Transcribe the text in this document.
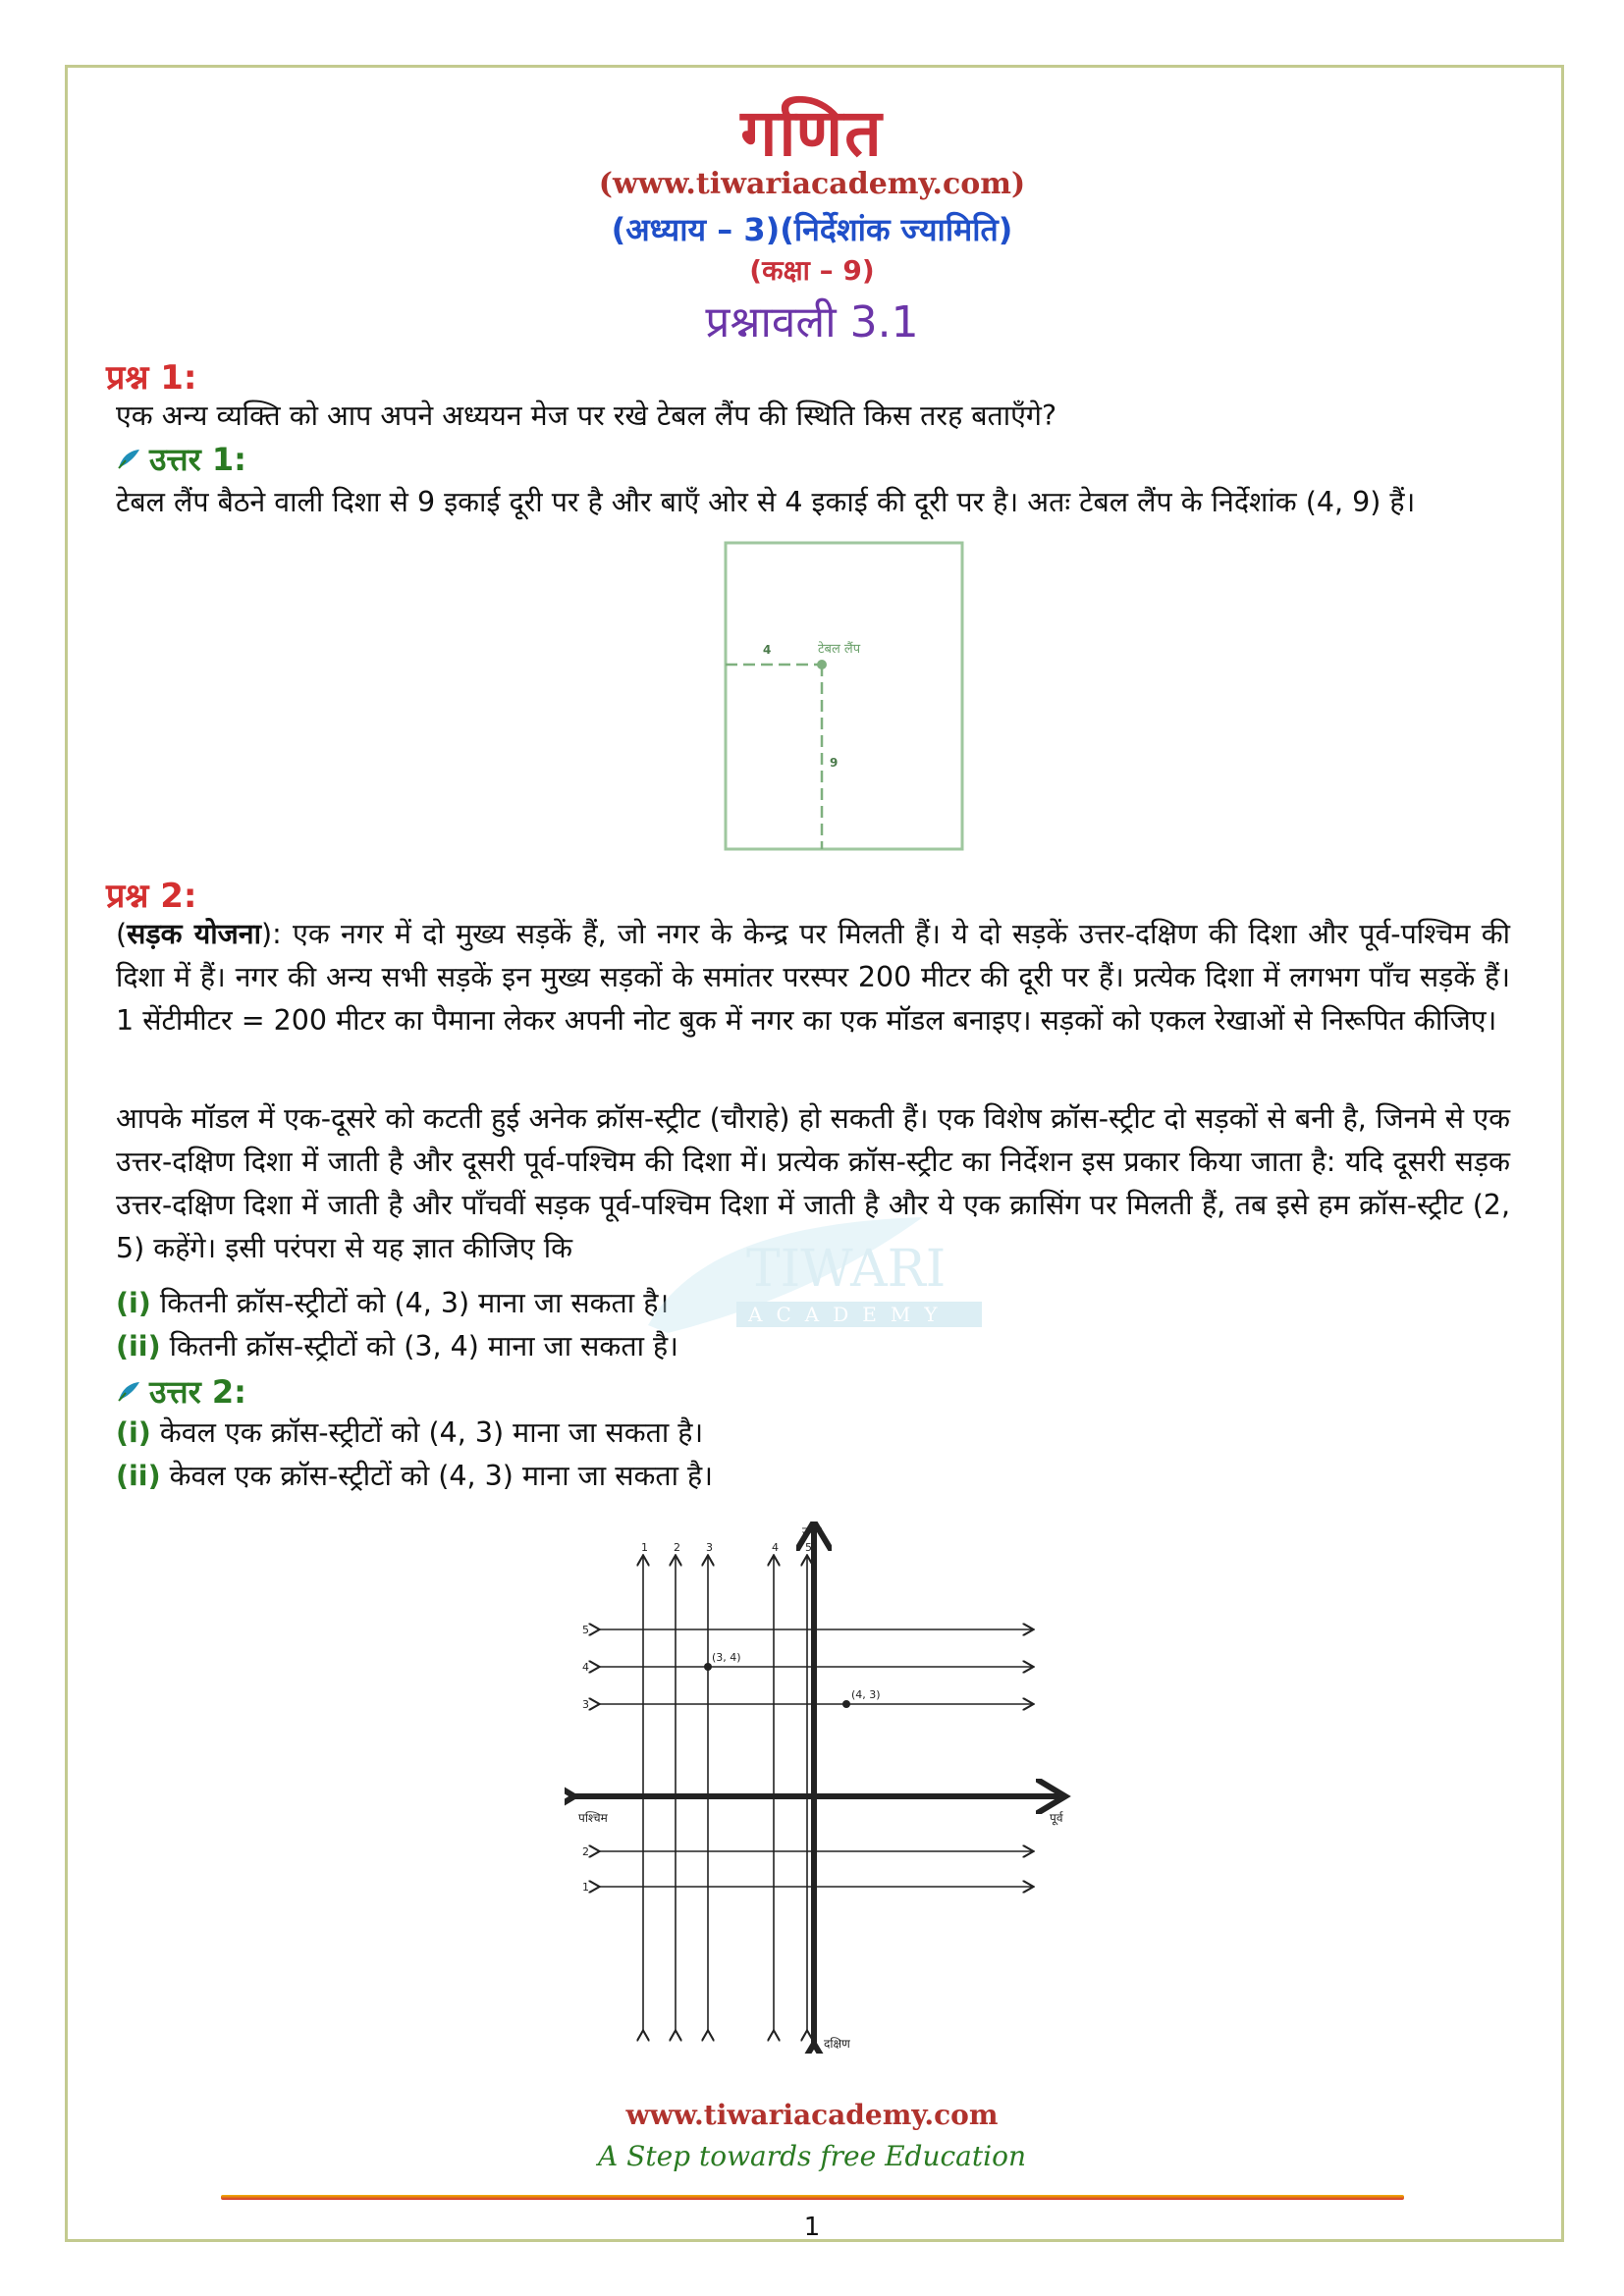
गणित
(www.tiwariacademy.com)
(अध्याय – 3)(निर्देशांक ज्यामिति)
(कक्षा – 9)
प्रश्नावली 3.1
प्रश्न 1:
एक अन्य व्यक्ति को आप अपने अध्ययन मेज पर रखे टेबल लैंप की स्थिति किस तरह बताएँगे?
उत्तर 1:
टेबल लैंप बैठने वाली दिशा से 9 इकाई दूरी पर है और बाएँ ओर से 4 इकाई की दूरी पर है। अतः टेबल लैंप के निर्देशांक (4, 9) हैं।
टेबल लैंप
4
9
प्रश्न 2:
(सड़क योजना): एक नगर में दो मुख्य सड़कें हैं, जो नगर के केन्द्र पर मिलती हैं। ये दो सड़कें उत्तर-दक्षिण की दिशा और पूर्व-पश्चिम की दिशा में हैं। नगर की अन्य सभी सड़कें इन मुख्य सड़कों के समांतर परस्पर 200 मीटर की दूरी पर हैं। प्रत्येक दिशा में लगभग पाँच सड़कें हैं। 1 सेंटीमीटर = 200 मीटर का पैमाना लेकर अपनी नोट बुक में नगर का एक मॉडल बनाइए। सड़कों को एकल रेखाओं से निरूपित कीजिए।
आपके मॉडल में एक-दूसरे को कटती हुई अनेक क्रॉस-स्ट्रीट (चौराहे) हो सकती हैं। एक विशेष क्रॉस-स्ट्रीट दो सड़कों से बनी है, जिनमे से एक उत्तर-दक्षिण दिशा में जाती है और दूसरी पूर्व-पश्चिम की दिशा में। प्रत्येक क्रॉस-स्ट्रीट का निर्देशन इस प्रकार किया जाता है: यदि दूसरी सड़क उत्तर-दक्षिण दिशा में जाती है और पाँचवीं सड़क पूर्व-पश्चिम दिशा में जाती है और ये एक क्रासिंग पर मिलती हैं, तब इसे हम क्रॉस-स्ट्रीट (2, 5) कहेंगे। इसी परंपरा से यह ज्ञात कीजिए कि
(i) कितनी क्रॉस-स्ट्रीटों को (4, 3) माना जा सकता है।
(ii) कितनी क्रॉस-स्ट्रीटों को (3, 4) माना जा सकता है।
TIWARI
ACADEMY
उत्तर 2:
(i) केवल एक क्रॉस-स्ट्रीटों को (4, 3) माना जा सकता है।
(ii) केवल एक क्रॉस-स्ट्रीटों को (4, 3) माना जा सकता है।
1 2 3	4 5
5
4
3
2
1
उत्तर
दक्षिण
पूर्व
पश्चिम
(3, 4)
(4, 3)
www.tiwariacademy.com
A Step towards free Education
1
